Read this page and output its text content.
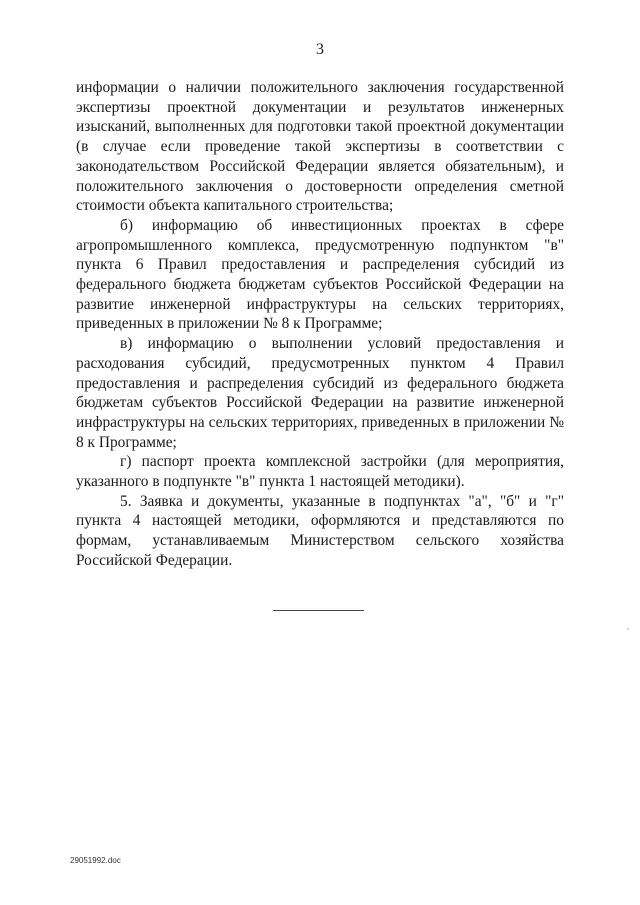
3

информации о наличии положительного заключения государственной экспертизы проектной документации и результатов инженерных изысканий, выполненных для подготовки такой проектной документации (в случае если проведение такой экспертизы в соответствии с законодательством Российской Федерации является обязательным), и положительного заключения о достоверности определения сметной стоимости объекта капитального строительства;

б) информацию об инвестиционных проектах в сфере агропромышленного комплекса, предусмотренную подпунктом "в" пункта 6 Правил предоставления и распределения субсидий из федерального бюджета бюджетам субъектов Российской Федерации на развитие инженерной инфраструктуры на сельских территориях, приведенных в приложении № 8 к Программе;

в) информацию о выполнении условий предоставления и расходования субсидий, предусмотренных пунктом 4 Правил предоставления и распределения субсидий из федерального бюджета бюджетам субъектов Российской Федерации на развитие инженерной инфраструктуры на сельских территориях, приведенных в приложении № 8 к Программе;

г) паспорт проекта комплексной застройки (для мероприятия, указанного в подпункте "в" пункта 1 настоящей методики).

5. Заявка и документы, указанные в подпунктах "а", "б" и "г" пункта 4 настоящей методики, оформляются и представляются по формам, устанавливаемым Министерством сельского хозяйства Российской Федерации.

,
29051992.doc
